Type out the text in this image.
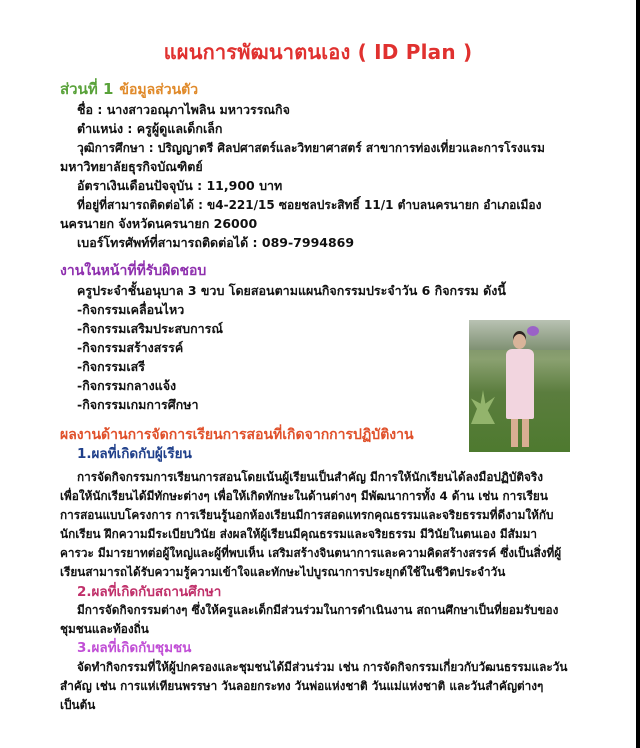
แผนการพัฒนาตนเอง ( ID Plan )
ส่วนที่ 1 ข้อมูลส่วนตัว
ชื่อ : นางสาวอณุภาไพลิน มหาวรรณกิจ
ตำแหน่ง : ครูผู้ดูแลเด็กเล็ก
วุฒิการศึกษา : ปริญญาตรี ศิลปศาสตร์และวิทยาศาสตร์ สาขาการท่องเที่ยวและการโรงแรม
มหาวิทยาลัยธุรกิจบัณฑิตย์
อัตราเงินเดือนปัจจุบัน : 11,900 บาท
ที่อยู่ที่สามารถติดต่อได้ : ข4-221/15 ซอยชลประสิทธิ์ 11/1 ตำบลนครนายก อำเภอเมือง
นครนายก จังหวัดนครนายก 26000
เบอร์โทรศัพท์ที่สามารถติดต่อได้ : 089-7994869
งานในหน้าที่ที่รับผิดชอบ
ครูประจำชั้นอนุบาล 3 ขวบ โดยสอนตามแผนกิจกรรมประจำวัน 6 กิจกรรม ดังนี้
-กิจกรรมเคลื่อนไหว
-กิจกรรมเสริมประสบการณ์
-กิจกรรมสร้างสรรค์
-กิจกรรมเสรี
-กิจกรรมกลางแจ้ง
-กิจกรรมเกมการศึกษา
ผลงานด้านการจัดการเรียนการสอนที่เกิดจากการปฏิบัติงาน
1.ผลที่เกิดกับผู้เรียน
การจัดกิจกรรมการเรียนการสอนโดยเน้นผู้เรียนเป็นสำคัญ มีการให้นักเรียนได้ลงมือปฏิบัติจริง
เพื่อให้นักเรียนได้มีทักษะต่างๆ เพื่อให้เกิดทักษะในด้านต่างๆ มีพัฒนาการทั้ง 4 ด้าน เช่น การเรียน
การสอนแบบโครงการ การเรียนรู้นอกห้องเรียนมีการสอดแทรกคุณธรรมและจริยธรรมที่ดีงามให้กับ
นักเรียน ฝึกความมีระเบียบวินัย ส่งผลให้ผู้เรียนมีคุณธรรมและจริยธรรม มีวินัยในตนเอง มีสัมมา
คารวะ มีมารยาทต่อผู้ใหญ่และผู้ที่พบเห็น เสริมสร้างจินตนาการและความคิดสร้างสรรค์ ซึ่งเป็นสิ่งที่ผู้
เรียนสามารถได้รับความรู้ความเข้าใจและทักษะไปบูรณาการประยุกต์ใช้ในชีวิตประจำวัน
2.ผลที่เกิดกับสถานศึกษา
มีการจัดกิจกรรมต่างๆ ซึ่งให้ครูและเด็กมีส่วนร่วมในการดำเนินงาน สถานศึกษาเป็นที่ยอมรับของ
ชุมชนและท้องถิ่น
3.ผลที่เกิดกับชุมชน
จัดทำกิจกรรมที่ให้ผู้ปกครองและชุมชนได้มีส่วนร่วม เช่น การจัดกิจกรรมเกี่ยวกับวัฒนธรรมและวัน
สำคัญ เช่น การแห่เทียนพรรษา วันลอยกระทง วันพ่อแห่งชาติ วันแม่แห่งชาติ และวันสำคัญต่างๆ
เป็นต้น
